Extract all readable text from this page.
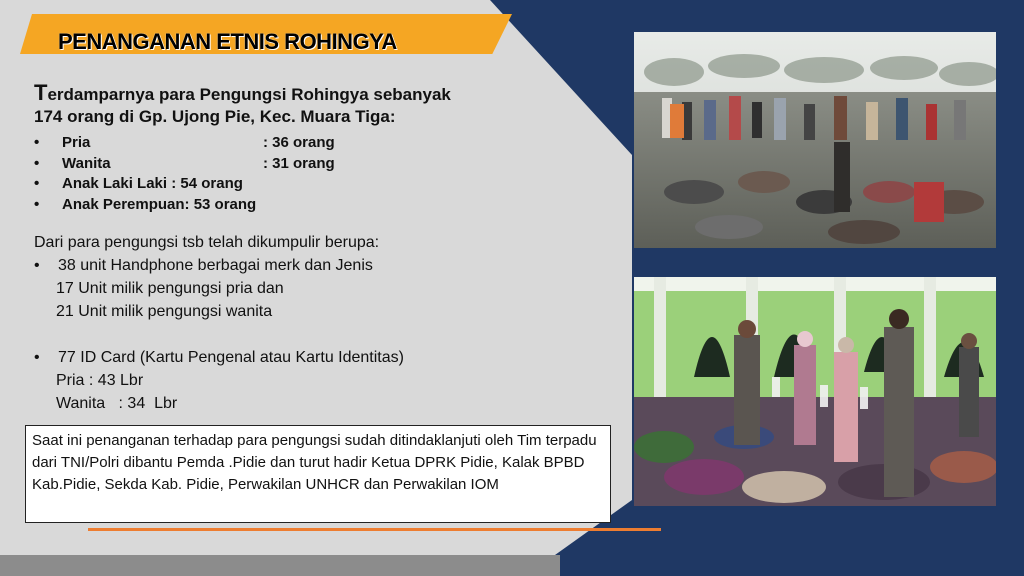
PENANGANAN ETNIS ROHINGYA
Terdamparnya para Pengungsi Rohingya sebanyak
174 orang di Gp. Ujong Pie, Kec. Muara Tiga:
• Pria	: 36 orang
• Wanita	: 31 orang
• Anak Laki Laki : 54 orang
• Anak Perempuan: 53 orang
Dari para pengungsi tsb telah dikumpulir berupa:
• 38 unit Handphone berbagai merk dan Jenis
17 Unit milik pengungsi pria dan
21 Unit milik pengungsi wanita
• 77 ID Card (Kartu Pengenal atau Kartu Identitas)
Pria : 43 Lbr
Wanita   : 34  Lbr
Saat ini penanganan terhadap para pengungsi sudah ditindaklanjuti oleh Tim terpadu dari TNI/Polri dibantu Pemda .Pidie dan turut hadir Ketua DPRK Pidie, Kalak BPBD Kab.Pidie, Sekda Kab. Pidie, Perwakilan UNHCR dan Perwakilan IOM
